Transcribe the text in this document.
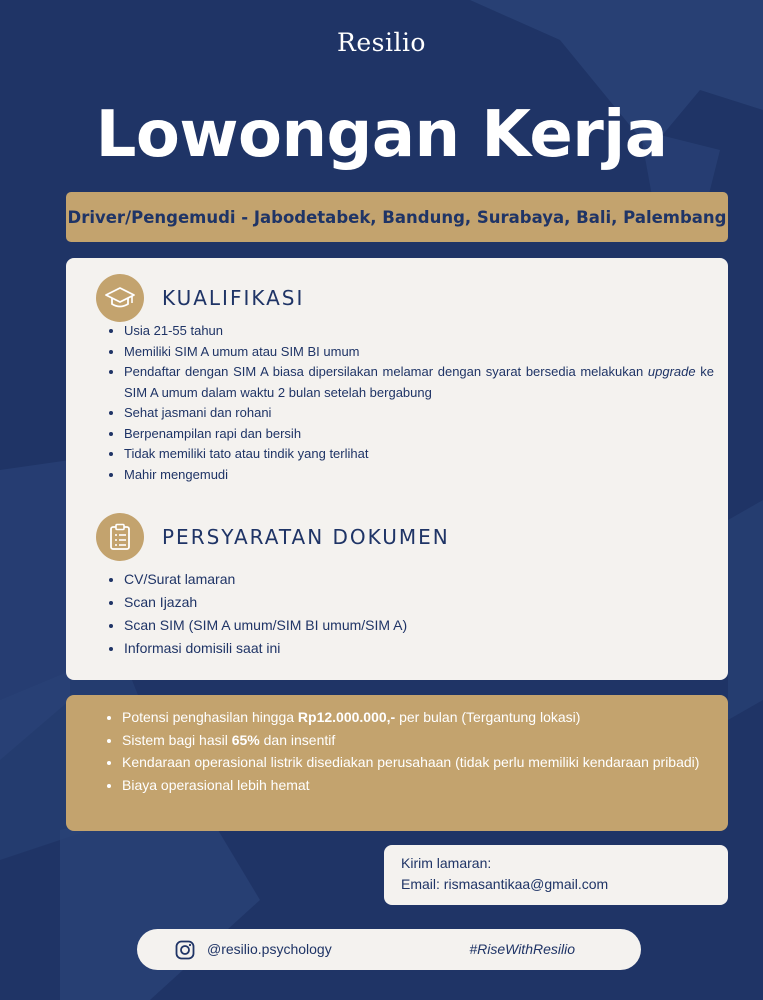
Resilio
Lowongan Kerja
Driver/Pengemudi - Jabodetabek, Bandung, Surabaya, Bali, Palembang
KUALIFIKASI
• Usia 21-55 tahun
• Memiliki SIM A umum atau SIM BI umum
• Pendaftar dengan SIM A biasa dipersilakan melamar dengan syarat bersedia melakukan upgrade ke SIM A umum dalam waktu 2 bulan setelah bergabung
• Sehat jasmani dan rohani
• Berpenampilan rapi dan bersih
• Tidak memiliki tato atau tindik yang terlihat
• Mahir mengemudi
PERSYARATAN DOKUMEN
• CV/Surat lamaran
• Scan Ijazah
• Scan SIM (SIM A umum/SIM BI umum/SIM A)
• Informasi domisili saat ini
• Potensi penghasilan hingga Rp12.000.000,- per bulan (Tergantung lokasi)
• Sistem bagi hasil 65% dan insentif
• Kendaraan operasional listrik disediakan perusahaan (tidak perlu memiliki kendaraan pribadi)
• Biaya operasional lebih hemat
Kirim lamaran:
Email: rismasantikaa@gmail.com
@resilio.psychology	#RiseWithResilio
